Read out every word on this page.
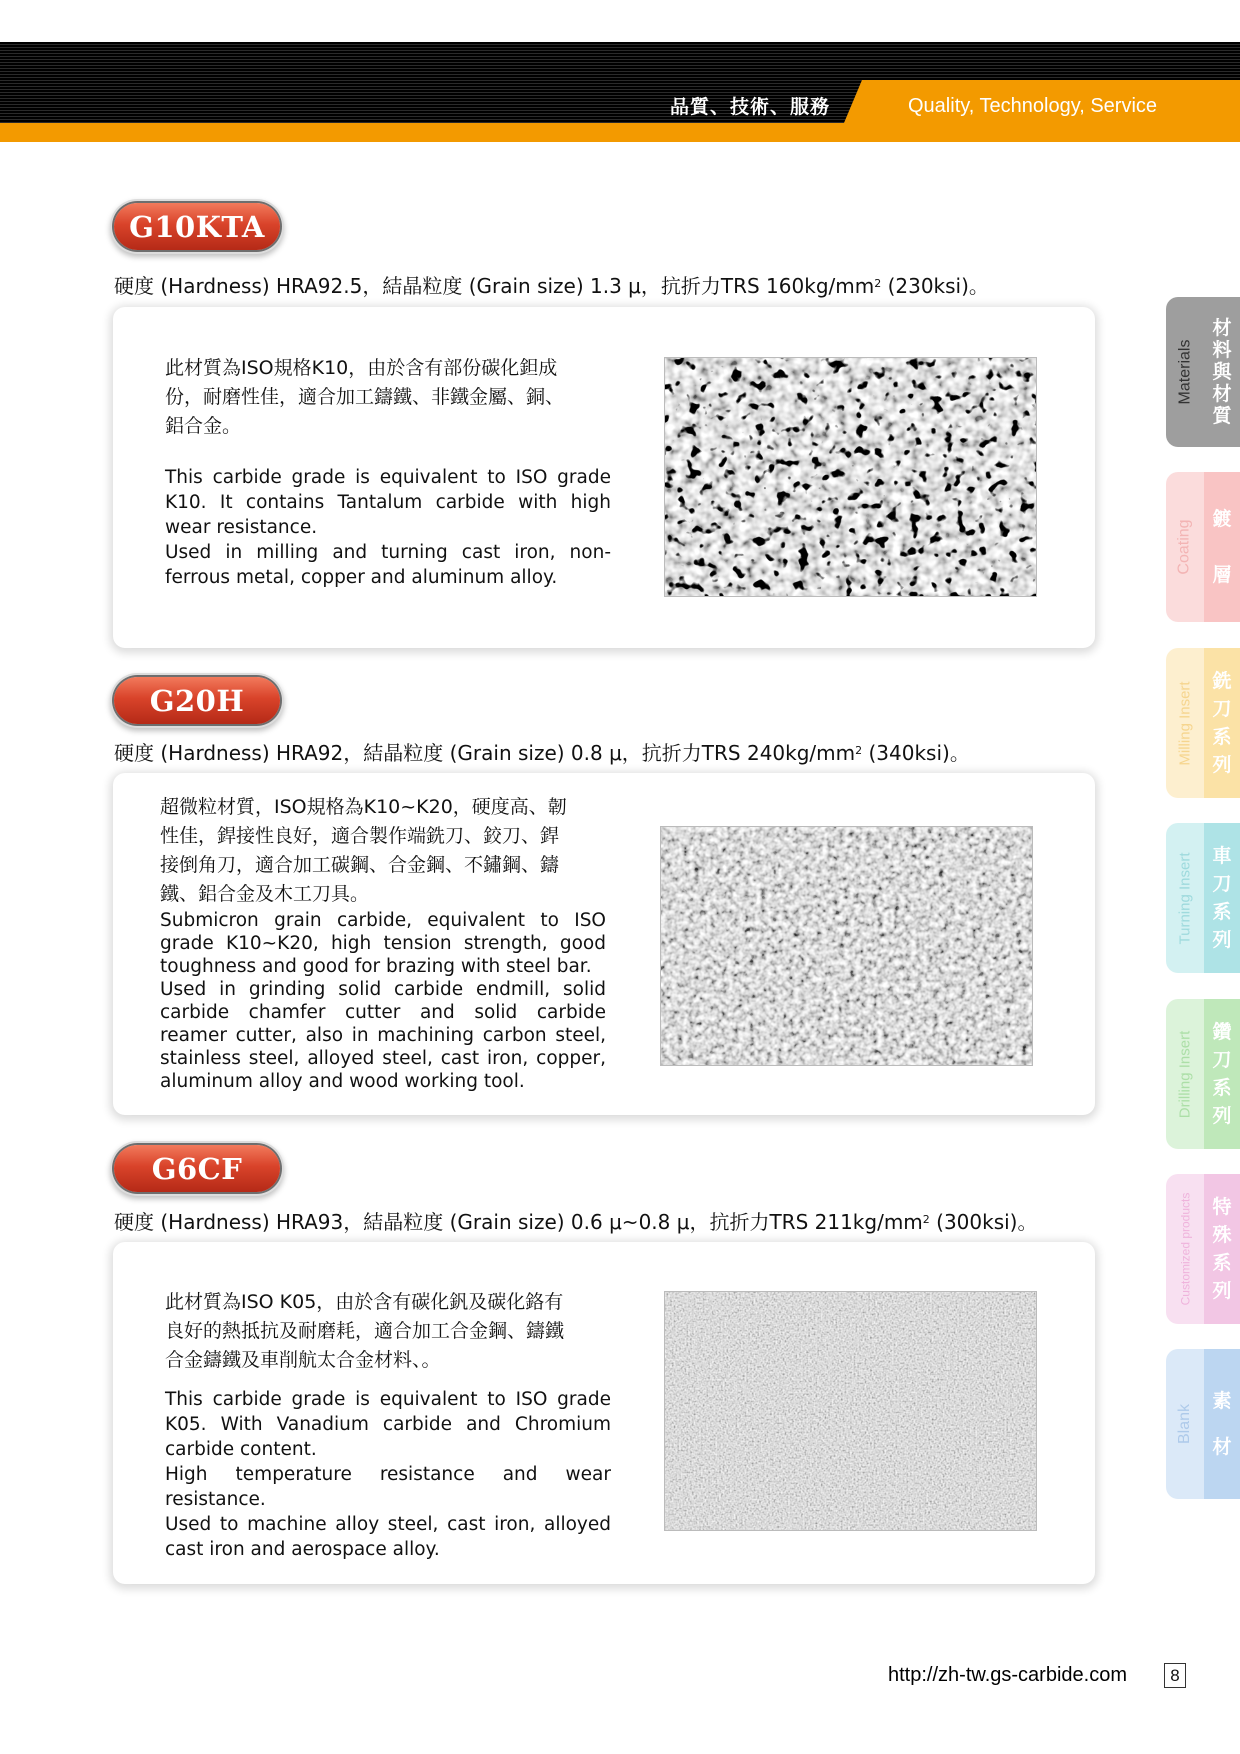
品質、技術、服務	Quality, Technology, Service
G10KTA
硬度 (Hardness) HRA92.5，結晶粒度 (Grain size) 1.3 μ，抗折力TRS $160kg/mm^2$ (230ksi)。
此材質為ISO規格K10，由於含有部份碳化鉭成
份，耐磨性佳，適合加工鑄鐵、非鐵金屬、銅、
鋁合金。

This carbide grade is equivalent to ISO grade K10. It contains Tantalum carbide with high wear resistance.

Used in milling and turning cast iron, non-ferrous metal, copper and aluminum alloy.

G20H
硬度 (Hardness) HRA92，結晶粒度 (Grain size) 0.8 μ，抗折力TRS $240kg/mm^2$ (340ksi)。
超微粒材質，ISO規格為K10~K20，硬度高、韌
性佳，銲接性良好，適合製作端銑刀、鉸刀、銲
接倒角刀，適合加工碳鋼、合金鋼、不鏽鋼、鑄
鐵、鋁合金及木工刀具。

Submicron grain carbide, equivalent to ISO grade K10~K20, high tension strength, good toughness and good for brazing with steel bar.

Used in grinding solid carbide endmill, solid carbide chamfer cutter and solid carbide reamer cutter, also in machining carbon steel, stainless steel, alloyed steel, cast iron, copper, aluminum alloy and wood working tool.

G6CF
硬度 (Hardness) HRA93，結晶粒度 (Grain size) 0.6 μ~0.8 μ，抗折力TRS $211kg/mm^2$ (300ksi)。
此材質為ISO K05，由於含有碳化釩及碳化鉻有
良好的熱抵抗及耐磨耗，適合加工合金鋼、鑄鐵
合金鑄鐵及車削航太合金材料、。

This carbide grade is equivalent to ISO grade K05. With Vanadium carbide and Chromium carbide content.

High temperature resistance and wear resistance.

Used to machine alloy steel, cast iron, alloyed cast iron and aerospace alloy.

Materials
材
料
與
材
質
Coating
鍍
層
Milling Insert 銑
刀
系
列
Turning Insert 車
刀
系
列
Drilling Insert 鑽
刀
系
列
Customized products 特
殊
系
列
Blank
素
材
http://zh-tw.gs-carbide.com	8
